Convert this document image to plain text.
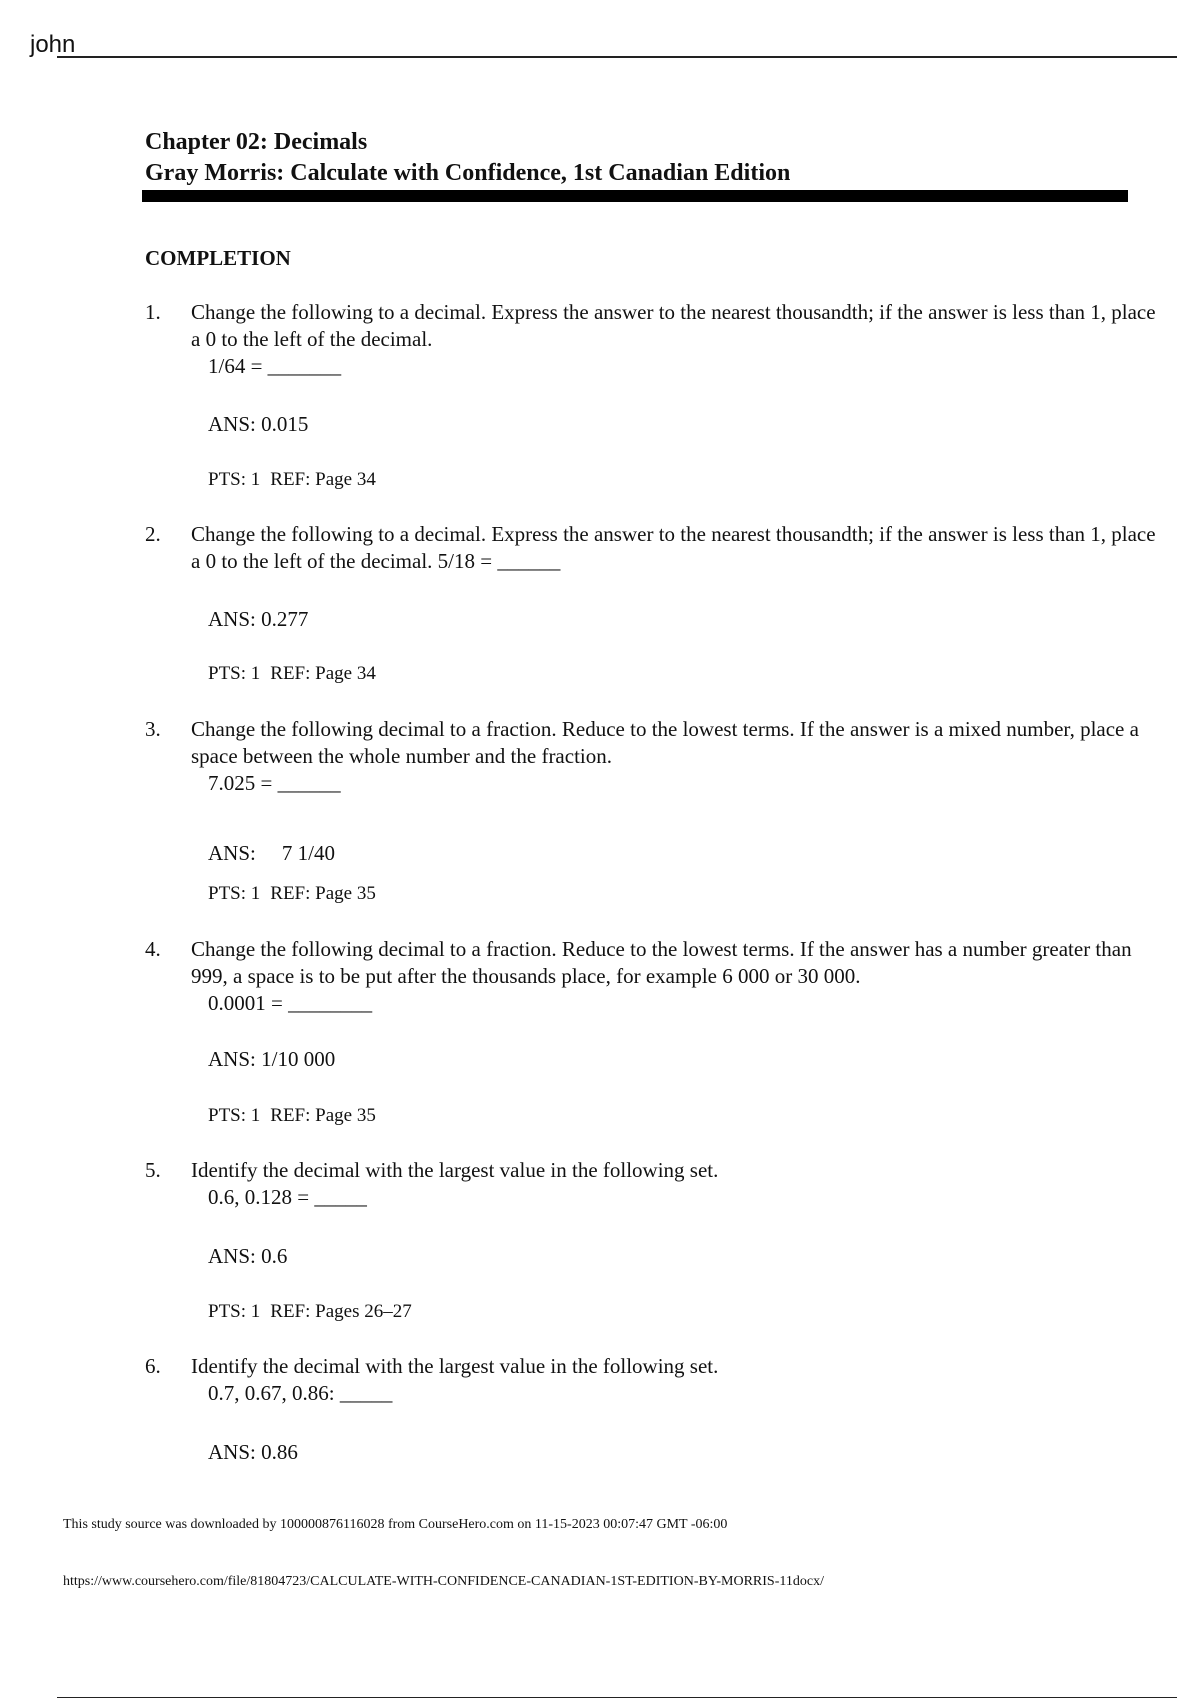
john
Chapter 02: Decimals
Gray Morris: Calculate with Confidence, 1st Canadian Edition
COMPLETION
1. Change the following to a decimal. Express the answer to the nearest thousandth; if the answer is less than 1, place a 0 to the left of the decimal.
1/64 = _______
ANS: 0.015
PTS: 1 REF: Page 34
2. Change the following to a decimal. Express the answer to the nearest thousandth; if the answer is less than 1, place a 0 to the left of the decimal. 5/18 = ______
ANS: 0.277
PTS: 1 REF: Page 34
3. Change the following decimal to a fraction. Reduce to the lowest terms. If the answer is a mixed number, place a space between the whole number and the fraction.
7.025 = ______
ANS: 7 1/40
PTS: 1 REF: Page 35
4. Change the following decimal to a fraction. Reduce to the lowest terms. If the answer has a number greater than 999, a space is to be put after the thousands place, for example 6 000 or 30 000.
0.0001 = ________
ANS: 1/10 000
PTS: 1 REF: Page 35
5. Identify the decimal with the largest value in the following set.
0.6, 0.128 = _____
ANS: 0.6
PTS: 1 REF: Pages 26–27
6. Identify the decimal with the largest value in the following set.
0.7, 0.67, 0.86: _____
ANS: 0.86
This study source was downloaded by 100000876116028 from CourseHero.com on 11-15-2023 00:07:47 GMT -06:00
https://www.coursehero.com/file/81804723/CALCULATE-WITH-CONFIDENCE-CANADIAN-1ST-EDITION-BY-MORRIS-11docx/
